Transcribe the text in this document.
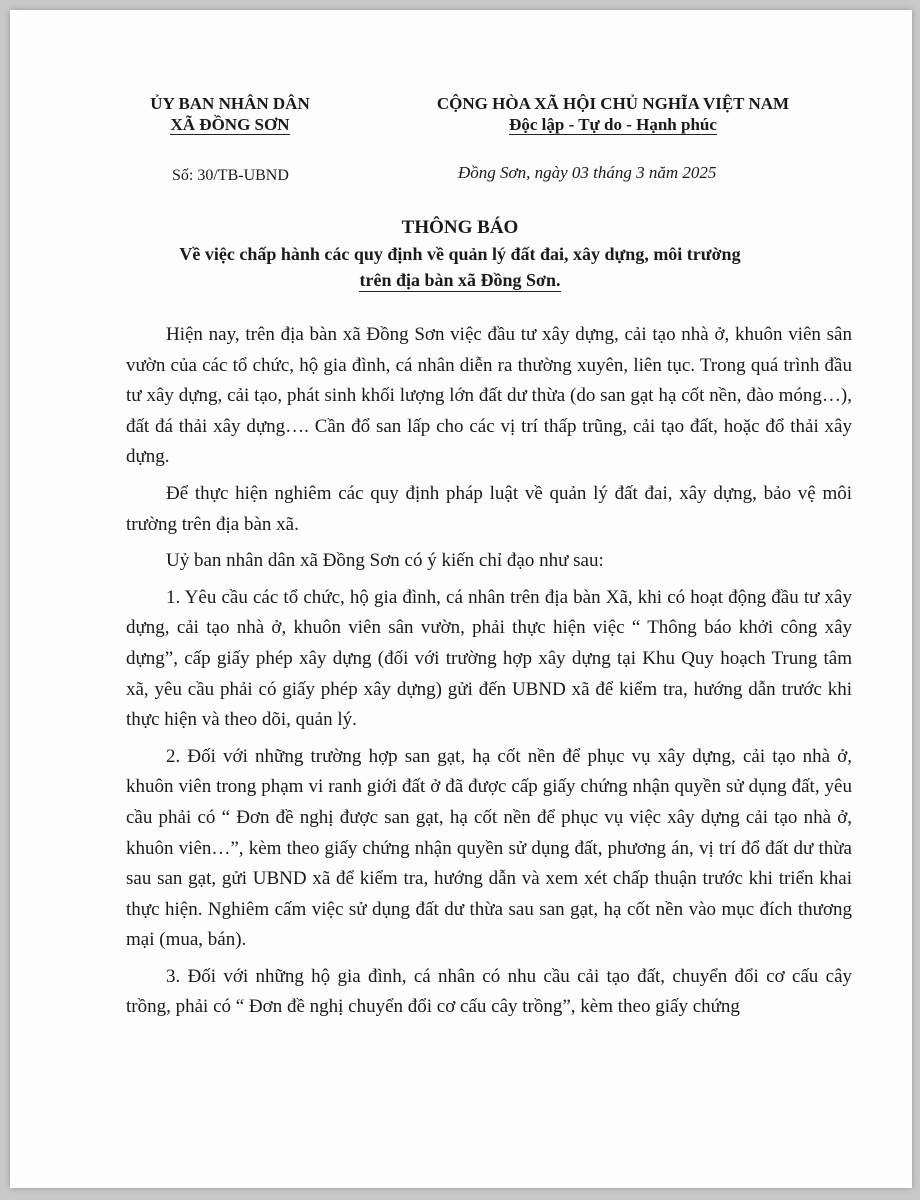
ỦY BAN NHÂN DÂN
XÃ ĐỒNG SƠN
CỘNG HÒA XÃ HỘI CHỦ NGHĨA VIỆT NAM
Độc lập - Tự do - Hạnh phúc
Số: 30/TB-UBND	Đồng Sơn, ngày 03 tháng 3 năm 2025
THÔNG BÁO
Về việc chấp hành các quy định về quản lý đất đai, xây dựng, môi trường
trên địa bàn xã Đồng Sơn.

Hiện nay, trên địa bàn xã Đồng Sơn việc đầu tư xây dựng, cải tạo nhà ở, khuôn viên sân vườn của các tổ chức, hộ gia đình, cá nhân diễn ra thường xuyên, liên tục. Trong quá trình đầu tư xây dựng, cải tạo, phát sinh khối lượng lớn đất dư thừa (do san gạt hạ cốt nền, đào móng…), đất đá thải xây dựng…. Cần đổ san lấp cho các vị trí thấp trũng, cải tạo đất, hoặc đổ thải xây dựng.

Để thực hiện nghiêm các quy định pháp luật về quản lý đất đai, xây dựng, bảo vệ môi trường trên địa bàn xã.

Uỷ ban nhân dân xã Đồng Sơn có ý kiến chỉ đạo như sau:

1. Yêu cầu các tổ chức, hộ gia đình, cá nhân trên địa bàn Xã, khi có hoạt động đầu tư xây dựng, cải tạo nhà ở, khuôn viên sân vườn, phải thực hiện việc “ Thông báo khởi công xây dựng”, cấp giấy phép xây dựng (đối với trường hợp xây dựng tại Khu Quy hoạch Trung tâm xã, yêu cầu phải có giấy phép xây dựng) gửi đến UBND xã để kiểm tra, hướng dẫn trước khi thực hiện và theo dõi, quản lý.

2. Đối với những trường hợp san gạt, hạ cốt nền để phục vụ xây dựng, cải tạo nhà ở, khuôn viên trong phạm vi ranh giới đất ở đã được cấp giấy chứng nhận quyền sử dụng đất, yêu cầu phải có “ Đơn đề nghị được san gạt, hạ cốt nền để phục vụ việc xây dựng cải tạo nhà ở, khuôn viên…”, kèm theo giấy chứng nhận quyền sử dụng đất, phương án, vị trí đổ đất dư thừa sau san gạt, gửi UBND xã để kiểm tra, hướng dẫn và xem xét chấp thuận trước khi triển khai thực hiện. Nghiêm cấm việc sử dụng đất dư thừa sau san gạt, hạ cốt nền vào mục đích thương mại (mua, bán).

3. Đối với những hộ gia đình, cá nhân có nhu cầu cải tạo đất, chuyển đổi cơ cấu cây trồng, phải có “ Đơn đề nghị chuyển đổi cơ cấu cây trồng”, kèm theo giấy chứng
